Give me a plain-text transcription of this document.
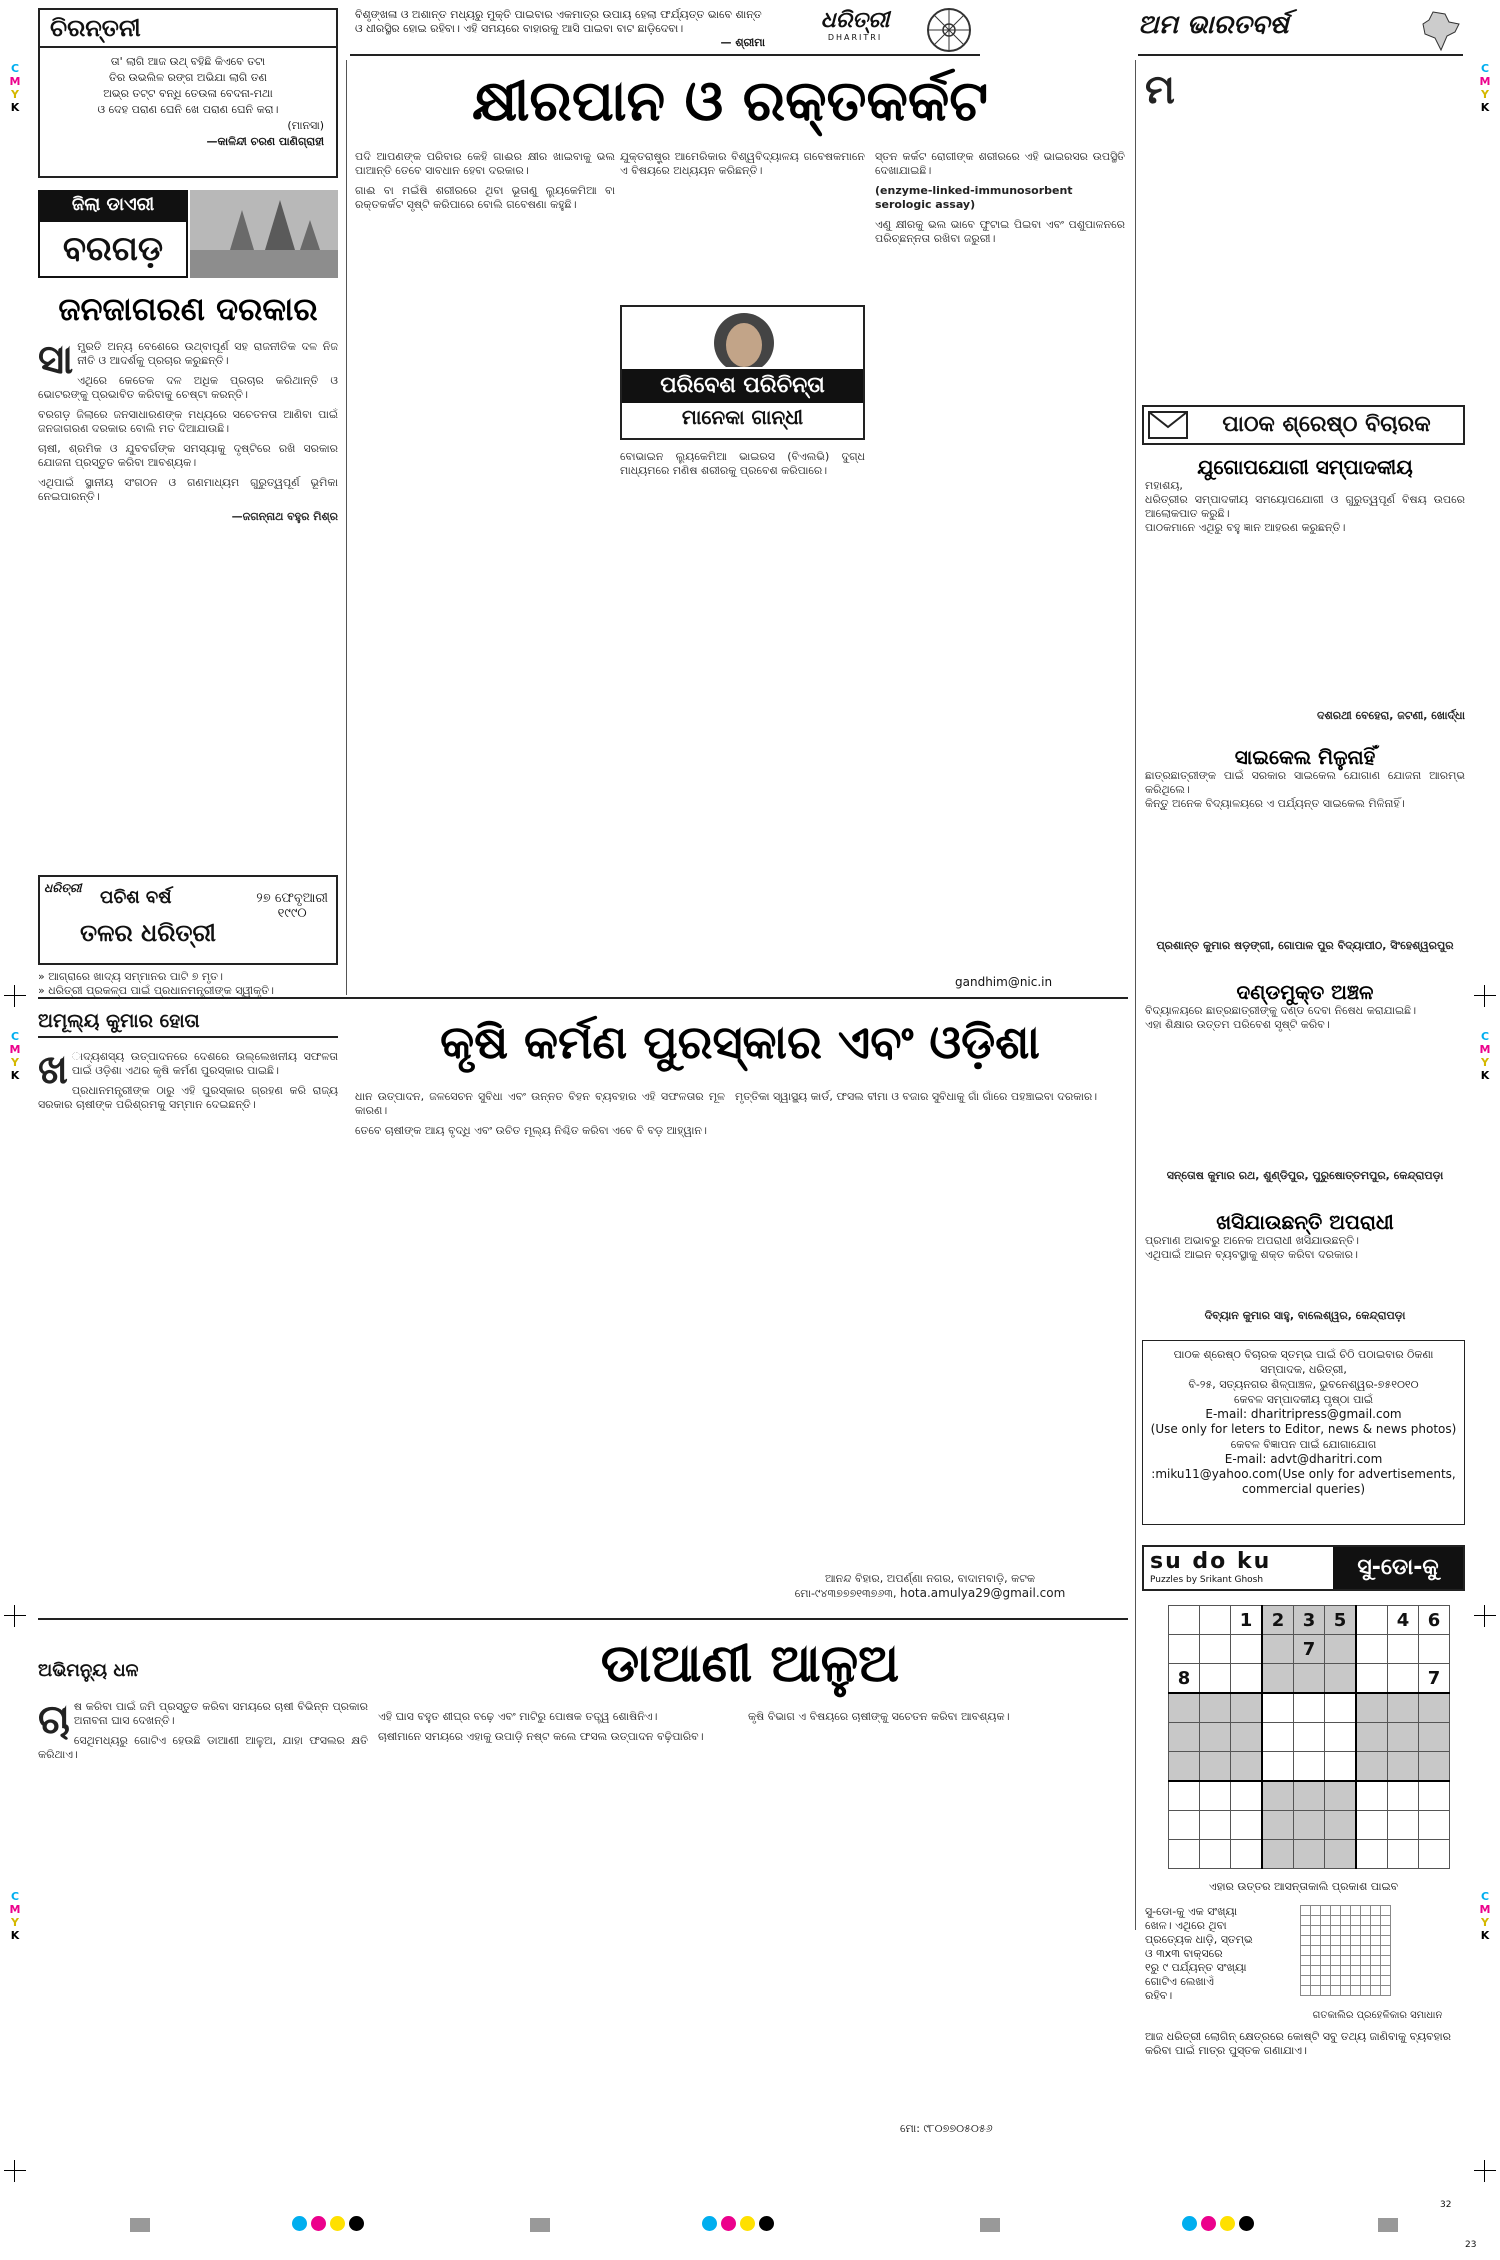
C
M
Y
K
C
M
Y
K
C
M
Y
K
C
M
Y
K
C
M
Y
K
C
M
Y
K
ଚିରନ୍ତନୀ
ତା' ଲାଗି ଆଜ ଉଥ୍ ବହିଛି କିଏବେ ତଟା
ତିର ଉଭଲିଳ ରଙ୍ଗ ଅଭିଯା ଲାଗି ତଣ
ଅଭ୍ର ତଟ୍ଟ ବନ୍ଧି ତେଉଳା ବେଦନା-ମଥା
ଓ ଦେହ ପରାଣ ଘେନି ଖେ ପରାଣ ଘେନି କରା।
(ମାନସା)
—କାଳିନ୍ଦୀ ଚରଣ ପାଣିଗ୍ରାହୀ
ବିଶୃଙ୍ଖଳା ଓ ଅଶାନ୍ତ ମଧ୍ୟରୁ ମୁକ୍ତି ପାଇବାର ଏକମାତ୍ର ଉପାୟ ହେଲା ଫର୍ଯ୍ୟତ୍ତ ଭାବେ ଶାନ୍ତ ଓ ଧୀରସ୍ଥିର ହୋଇ ରହିବା। ଏହି ସମୟରେ ବାହାରକୁ ଆସି ପାଇବା ବାଟ ଛାଡ଼ିଦେବା।
— ଶ୍ରୀମା
ଧରିତ୍ରୀ
DHARITRI	ଅମ ଭାରତବର୍ଷ
ଜିଲା ଡାଏରୀ
ବରଗଡ଼
ଜନଜାଗରଣ ଦରକାର
ସା ମ୍ପ୍ରତି ଅନ୍ୟ ବେଶେରେ ଉଥ୍ବାପୂର୍ଣ ସହ ରାଜନୀତିକ ଦଳ ନିଜ ନୀତି ଓ ଆଦର୍ଶକୁ ପ୍ରଚାର କରୁଛନ୍ତି।

ଏଥିରେ କେତେକ ଦଳ ଅଧିକ ପ୍ରଚାର କରିଥାନ୍ତି ଓ ଭୋଟରଙ୍କୁ ପ୍ରଭାବିତ କରିବାକୁ ଚେଷ୍ଟା କରନ୍ତି।

ବରଗଡ଼ ଜିଲାରେ ଜନସାଧାରଣଙ୍କ ମଧ୍ୟରେ ସଚେତନତା ଆଣିବା ପାଇଁ ଜନଜାଗରଣ ଦରକାର ବୋଲି ମତ ଦିଆଯାଉଛି।

ଚାଷୀ, ଶ୍ରମିକ ଓ ଯୁବବର୍ଗଙ୍କ ସମସ୍ୟାକୁ ଦୃଷ୍ଟିରେ ରଖି ସରକାର ଯୋଜନା ପ୍ରସ୍ତୁତ କରିବା ଆବଶ୍ୟକ।

ଏଥିପାଇଁ ସ୍ଥାନୀୟ ସଂଗଠନ ଓ ଗଣମାଧ୍ୟମ ଗୁରୁତ୍ୱପୂର୍ଣ ଭୂମିକା ନେଇପାରନ୍ତି।

—ଜଗନ୍ନାଥ ବହୁର ମିଶ୍ର
ଧରିତ୍ରୀ ପଚିଶ ବର୍ଷ
ତଳର ଧରିତ୍ରୀ
୨୭ ଫେବୃଆରୀ
୧୯୯୦
» ଆଗ୍ରାରେ ଖାଦ୍ୟ ସମ୍ମାନର ପାଟି ୭ ମୃତ।
» ଧରିତ୍ରୀ ପ୍ରକଳ୍ପ ପାଇଁ ପ୍ରଧାନମନ୍ତ୍ରୀଙ୍କ ସ୍ୱୀକୃତି।
କ୍ଷୀରପାନ ଓ ରକ୍ତକର୍କଟ
ପରିବେଶ ପରିଚିନ୍ତା
ମାନେକା ଗାନ୍ଧୀ

ପଦି ଆପଣଙ୍କ ପରିବାର କେହି ଗାଈର କ୍ଷୀର ଖାଇବାକୁ ଭଲ ପାଆନ୍ତି ତେବେ ସାବଧାନ ହେବା ଦରକାର।

ଗାଈ ବା ମଇଁଷି ଶରୀରରେ ଥିବା ଭୂତାଣୁ ଲ୍ୟୁକେମିଆ ବା ରକ୍ତକର୍କଟ ସୃଷ୍ଟି କରିପାରେ ବୋଲି ଗବେଷଣା କହୁଛି।

ଯୁକ୍ତରାଷ୍ଟ୍ର ଆମେରିକାର ବିଶ୍ୱବିଦ୍ୟାଳୟ ଗବେଷକମାନେ ଏ ବିଷୟରେ ଅଧ୍ୟୟନ କରିଛନ୍ତି।

ବୋଭାଇନ ଲ୍ୟୁକେମିଆ ଭାଇରସ (ବିଏଲଭି) ଦୁଗ୍ଧ ମାଧ୍ୟମରେ ମଣିଷ ଶରୀରକୁ ପ୍ରବେଶ କରିପାରେ।

ସ୍ତନ କର୍କଟ ରୋଗୀଙ୍କ ଶରୀରରେ ଏହି ଭାଇରସର ଉପସ୍ଥିତି ଦେଖାଯାଇଛି।

(enzyme-linked-immunosorbent serologic assay)

ଏଣୁ କ୍ଷୀରକୁ ଭଲ ଭାବେ ଫୁଟାଇ ପିଇବା ଏବଂ ପଶୁପାଳନରେ ପରିଚ୍ଛନ୍ନତା ରଖିବା ଜରୁରୀ।

gandhim@nic.in
ମ
ପାଠକ ଶ୍ରେଷ୍ଠ ବିଚାରକ
ଯୁଗୋପଯୋଗୀ ସମ୍ପାଦକୀୟ
ମହାଶୟ,
ଧରିତ୍ରୀର ସମ୍ପାଦକୀୟ ସମୟୋପଯୋଗୀ ଓ ଗୁରୁତ୍ୱପୂର୍ଣ ବିଷୟ ଉପରେ ଆଲୋକପାତ କରୁଛି।
ପାଠକମାନେ ଏଥିରୁ ବହୁ ଜ୍ଞାନ ଆହରଣ କରୁଛନ୍ତି।
ଦଶରଥୀ ବେହେରା, ଜଟଣୀ, ଖୋର୍ଦ୍ଧା
ସାଇକେଲ ମିଳୁନାହିଁ
ଛାତ୍ରଛାତ୍ରୀଙ୍କ ପାଇଁ ସରକାର ସାଇକେଲ ଯୋଗାଣ ଯୋଜନା ଆରମ୍ଭ କରିଥିଲେ।
କିନ୍ତୁ ଅନେକ ବିଦ୍ୟାଳୟରେ ଏ ପର୍ଯ୍ୟନ୍ତ ସାଇକେଲ ମିଳିନାହିଁ।
ପ୍ରଶାନ୍ତ କୁମାର ଷଡ଼ଙ୍ଗୀ, ଗୋପାଳ ପୁର ବିଦ୍ୟାପୀଠ, ସିଂହେଶ୍ୱରପୁର
ଦଣ୍ଡମୁକ୍ତ ଅଞ୍ଚଳ
ବିଦ୍ୟାଳୟରେ ଛାତ୍ରଛାତ୍ରୀଙ୍କୁ ଦଣ୍ଡ ଦେବା ନିଷେଧ କରାଯାଇଛି।
ଏହା ଶିକ୍ଷାର ଉତ୍ତମ ପରିବେଶ ସୃଷ୍ଟି କରିବ।
ସନ୍ତୋଷ କୁମାର ରଥ, ଶୁଣ୍ଡିପୁର, ପୁରୁଷୋତ୍ତମପୁର, କେନ୍ଦ୍ରାପଡ଼ା
ଖସିଯାଉଛନ୍ତି ଅପରାଧୀ
ପ୍ରମାଣ ଅଭାବରୁ ଅନେକ ଅପରାଧୀ ଖସିଯାଉଛନ୍ତି।
ଏଥିପାଇଁ ଆଇନ ବ୍ୟବସ୍ଥାକୁ ଶକ୍ତ କରିବା ଦରକାର।
ଦିବ୍ୟାନ କୁମାର ସାହୁ, ବାଲେଶ୍ୱର, କେନ୍ଦ୍ରାପଡ଼ା
ପାଠକ ଶ୍ରେଷ୍ଠ ବିଚାରକ ସ୍ତମ୍ଭ ପାଇଁ ଚିଠି ପଠାଇବାର ଠିକଣା
ସମ୍ପାଦକ, ଧରିତ୍ରୀ,
ବି-୨୫, ସତ୍ୟନଗର ଶିଳ୍ପାଞ୍ଚଳ, ଭୁବନେଶ୍ୱର-୭୫୧୦୧୦
କେବଳ ସମ୍ପାଦକୀୟ ପୃଷ୍ଠା ପାଇଁ
E-mail: dharitripress@gmail.com
(Use only for leters to Editor, news & news photos)
କେବଳ ବିଜ୍ଞାପନ ପାଇଁ ଯୋଗାଯୋଗ
E-mail: advt@dharitri.com
:miku11@yahoo.com(Use only for advertisements, commercial queries)
ଅମୂଲ୍ୟ କୁମାର ହୋତା	କୃଷି କର୍ମଣ ପୁରସ୍କାର ଏବଂ ଓଡ଼ିଶା
ଖ ାଦ୍ୟଶସ୍ୟ ଉତ୍ପାଦନରେ ଦେଶରେ ଉଲ୍ଲେଖନୀୟ ସଫଳତା ପାଇଁ ଓଡ଼ିଶା ଏଥର କୃଷି କର୍ମଣ ପୁରସ୍କାର ପାଇଛି।

ପ୍ରଧାନମନ୍ତ୍ରୀଙ୍କ ଠାରୁ ଏହି ପୁରସ୍କାର ଗ୍ରହଣ କରି ରାଜ୍ୟ ସରକାର ଚାଷୀଙ୍କ ପରିଶ୍ରମକୁ ସମ୍ମାନ ଦେଇଛନ୍ତି।

ଧାନ ଉତ୍ପାଦନ, ଜଳସେଚନ ସୁବିଧା ଏବଂ ଉନ୍ନତ ବିହନ ବ୍ୟବହାର ଏହି ସଫଳତାର ମୂଳ କାରଣ।

ତେବେ ଚାଷୀଙ୍କ ଆୟ ବୃଦ୍ଧି ଏବଂ ଉଚିତ ମୂଲ୍ୟ ନିଶ୍ଚିତ କରିବା ଏବେ ବି ବଡ଼ ଆହ୍ୱାନ।

ମୃତ୍ତିକା ସ୍ୱାସ୍ଥ୍ୟ କାର୍ଡ, ଫସଲ ବୀମା ଓ ବଜାର ସୁବିଧାକୁ ଗାଁ ଗାଁରେ ପହଞ୍ଚାଇବା ଦରକାର।

ଆନନ୍ଦ ବିହାର, ଅପର୍ଣ୍ଣା ନଗର, ବାଦାମବାଡ଼ି, କଟକ
ମୋ-୯୪୩୭୭୭୧୩୭୬୩, hota.amulya29@gmail.com
su do ku
Puzzles by Srikant Ghosh	ସୁ-ଡୋ-କୁ
		1	2	3	5		4	6
				7				
8								7

ଏହାର ଉତ୍ତର ଆସନ୍ତାକାଲି ପ୍ରକାଶ ପାଇବ
ସୁ-ଡୋ-କୁ ଏକ ସଂଖ୍ୟା
ଖେଳ। ଏଥିରେ ଥିବା
ପ୍ରତ୍ୟେକ ଧାଡ଼ି, ସ୍ତମ୍ଭ
ଓ ୩x୩ ବାକ୍ସରେ
୧ରୁ ୯ ପର୍ଯ୍ୟନ୍ତ ସଂଖ୍ୟା
ଗୋଟିଏ ଲେଖାଏଁ
ରହିବ।

ଗତକାଲିର ପ୍ରହେଳିକାର ସମାଧାନ
ଆଜ ଧରିତ୍ରୀ ଲୋଗିନ୍ କ୍ଷେତ୍ରରେ କୋଷ୍ଟି ସବୁ ତଥ୍ୟ ଜାଣିବାକୁ ବ୍ୟବହାର କରିବା ପାଇଁ ମାତ୍ର ପୁସ୍ତକ ଗଣାଯାଏ।
ଅଭିମନ୍ୟୁ ଧଳ	ଡାଆଣୀ ଆଳୁଅ
ଚା ଷ କରିବା ପାଇଁ ଜମି ପ୍ରସ୍ତୁତ କରିବା ସମୟରେ ଚାଷୀ ବିଭିନ୍ନ ପ୍ରକାର ଅନାବନା ଘାସ ଦେଖନ୍ତି।

ସେଥିମଧ୍ୟରୁ ଗୋଟିଏ ହେଉଛି ଡାଆଣୀ ଆଳୁଅ, ଯାହା ଫସଲର କ୍ଷତି କରିଥାଏ।

ଏହି ଘାସ ବହୁତ ଶୀଘ୍ର ବଢ଼େ ଏବଂ ମାଟିରୁ ପୋଷକ ତତ୍ତ୍ୱ ଶୋଷିନିଏ।

ଚାଷୀମାନେ ସମୟରେ ଏହାକୁ ଉପାଡ଼ି ନଷ୍ଟ କଲେ ଫସଲ ଉତ୍ପାଦନ ବଢ଼ିପାରିବ।

କୃଷି ବିଭାଗ ଏ ବିଷୟରେ ଚାଷୀଙ୍କୁ ସଚେତନ କରିବା ଆବଶ୍ୟକ।

ମୋ: ୯୮୦୭୭୦୫୦୫୬
32
23
